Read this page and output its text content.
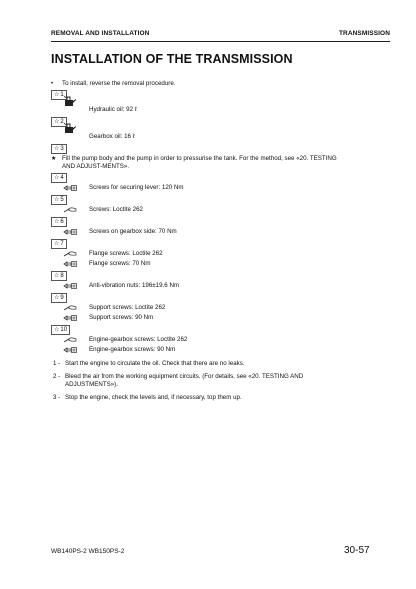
REMOVAL AND INSTALLATION	TRANSMISSION
INSTALLATION OF THE TRANSMISSION
• To install, reverse the removal procedure.
☆1
Hydraulic oil: 92 ℓ
☆2
Gearbox oil: 16 ℓ
☆3
★ Fill the pump body and the pump in order to pressurise the tank. For the method, see «20. TESTING AND ADJUST-MENTS».
☆4
Screws for securing lever: 120 Nm
☆5
Screws: Loctite 262
☆6
Screws on gearbox side: 70 Nm
☆7
Flange screws: Loctite 262
Flange screws: 70 Nm
☆8
Anti-vibration nuts: 196±19.6 Nm
☆9
Support screws: Loctite 262
Support screws: 90 Nm
☆10
Engine-gearbox screws: Loctite 262
Engine-gearbox screws: 90 Nm
1 - Start the engine to circulate the oil. Check that there are no leaks.
2 - Bleed the air from the working equipment circuits. (For details, see «20. TESTING AND ADJUSTMENTS»).
3 - Stop the engine, check the levels and, if necessary, top them up.
WB140PS-2 WB150PS-2	30-57
